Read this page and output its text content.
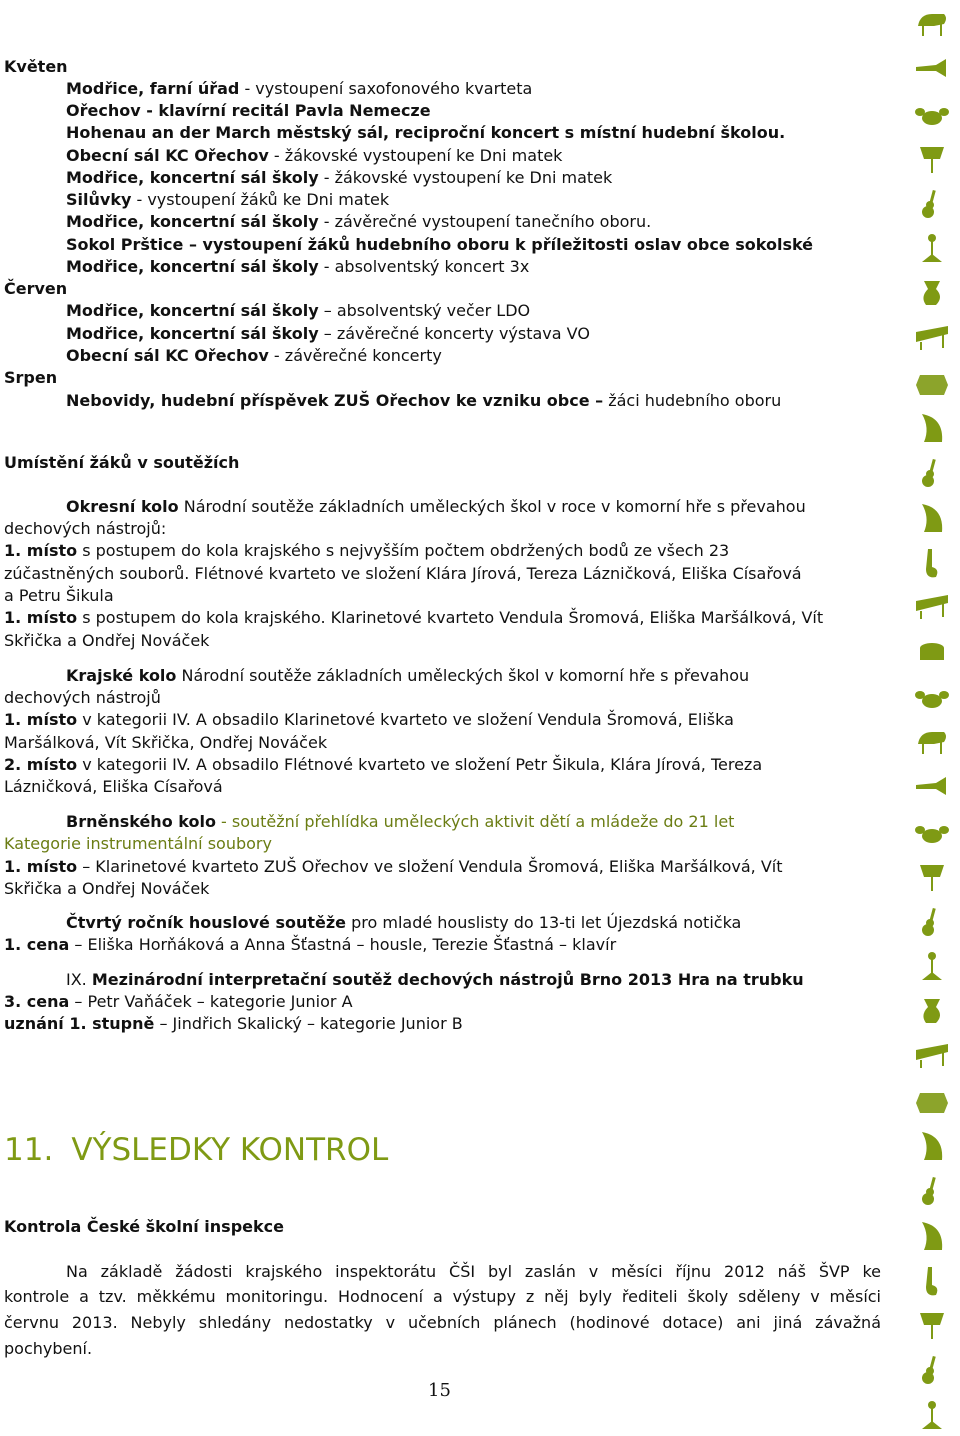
Květen
Modřice, farní úřad - vystoupení saxofonového kvarteta
Ořechov - klavírní recitál Pavla Nemecze
Hohenau an der March městský sál, reciproční koncert s místní hudební školou.
Obecní sál KC Ořechov - žákovské vystoupení ke Dni matek
Modřice, koncertní sál školy - žákovské vystoupení ke Dni matek
Silůvky - vystoupení žáků ke Dni matek
Modřice, koncertní sál školy - závěrečné vystoupení tanečního oboru.
Sokol Prštice – vystoupení žáků hudebního oboru k příležitosti oslav obce sokolské
Modřice, koncertní sál školy - absolventský koncert 3x
Červen
Modřice, koncertní sál školy – absolventský večer LDO
Modřice, koncertní sál školy – závěrečné koncerty výstava VO
Obecní sál KC Ořechov - závěrečné koncerty
Srpen
Nebovidy, hudební příspěvek ZUŠ Ořechov ke vzniku obce – žáci hudebního oboru
Umístění žáků v soutěžích
Okresní kolo Národní soutěže základních uměleckých škol v roce v komorní hře s převahou
dechových nástrojů:
1. místo s postupem do kola krajského s nejvyšším počtem obdržených bodů ze všech 23
zúčastněných souborů. Flétnové kvarteto ve složení Klára Jírová, Tereza Lázničková, Eliška Císařová
a Petru Šikula
1. místo s postupem do kola krajského. Klarinetové kvarteto Vendula Šromová, Eliška Maršálková, Vít
Skřička a Ondřej Nováček
Krajské kolo Národní soutěže základních uměleckých škol v komorní hře s převahou
dechových nástrojů
1. místo v kategorii IV. A obsadilo Klarinetové kvarteto ve složení Vendula Šromová, Eliška
Maršálková, Vít Skřička, Ondřej Nováček
2. místo v kategorii IV. A obsadilo Flétnové kvarteto ve složení Petr Šikula, Klára Jírová, Tereza
Lázničková, Eliška Císařová
Brněnského kolo - soutěžní přehlídka uměleckých aktivit dětí a mládeže do 21 let
Kategorie instrumentální soubory
1. místo – Klarinetové kvarteto ZUŠ Ořechov ve složení Vendula Šromová, Eliška Maršálková, Vít
Skřička a Ondřej Nováček
Čtvrtý ročník houslové soutěže pro mladé houslisty do 13-ti let Újezdská notička
1. cena – Eliška Horňáková a Anna Šťastná – housle, Terezie Šťastná – klavír
IX. Mezinárodní interpretační soutěž dechových nástrojů Brno 2013 Hra na trubku
3. cena – Petr Vaňáček – kategorie Junior A
uznání 1. stupně – Jindřich Skalický – kategorie Junior B
11. VÝSLEDKY KONTROL
Kontrola České školní inspekce
Na základě žádosti krajského inspektorátu ČŠI byl zaslán v měsíci říjnu 2012 náš ŠVP ke
kontrole a tzv. měkkému monitoringu. Hodnocení a výstupy z něj byly řediteli školy sděleny v měsíci
červnu 2013. Nebyly shledány nedostatky v učebních plánech (hodinové dotace) ani jiná závažná
pochybení.
15
